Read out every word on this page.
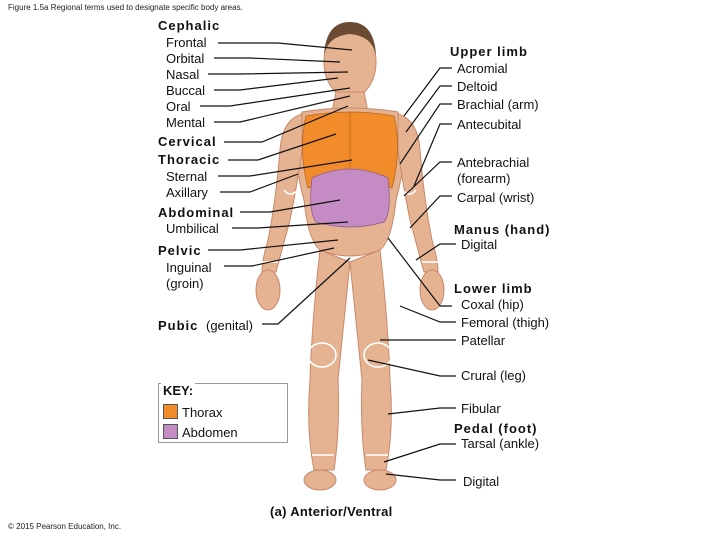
Figure 1.5a Regional terms used to designate specific body areas.
Cephalic
Frontal
Orbital
Nasal
Buccal
Oral
Mental
Cervical
Thoracic
Sternal
Axillary
Abdominal
Umbilical
Pelvic
Inguinal
(groin)
Pubic (genital)
Upper limb
Acromial
Deltoid
Brachial (arm)
Antecubital
Antebrachial
(forearm)
Carpal (wrist)
Manus (hand)
Digital
Lower limb
Coxal (hip)
Femoral (thigh)
Patellar
Crural (leg)
Fibular
Pedal (foot)
Tarsal (ankle)
Digital
KEY:
Thorax
Abdomen
(a) Anterior/Ventral
© 2015 Pearson Education, Inc.
